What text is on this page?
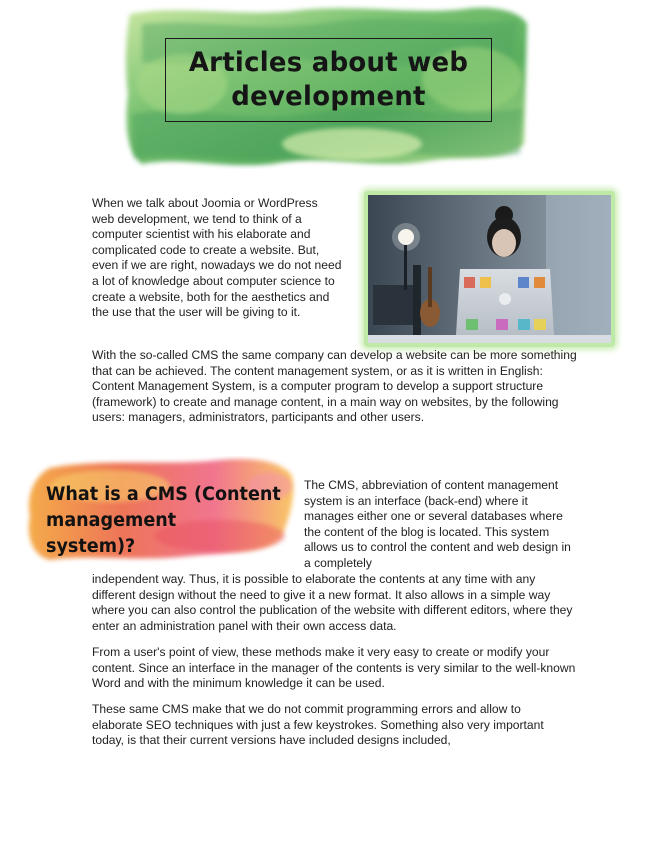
Articles about web
development

When we talk about Joomia or WordPress web development, we tend to think of a computer scientist with his elaborate and complicated code to create a website. But, even if we are right, nowadays we do not need a lot of knowledge about computer science to create a website, both for the aesthetics and the use that the user will be giving to it.

With the so-called CMS the same company can develop a website can be more something that can be achieved. The content management system, or as it is written in English: Content Management System, is a computer program to develop a support structure (framework) to create and manage content, in a main way on websites, by the following users: managers, administrators, participants and other users.

What is a CMS (Content
management
system)?

The CMS, abbreviation of content management system is an interface (back-end) where it manages either one or several databases where the content of the blog is located. This system allows us to control the content and web design in a completely

independent way. Thus, it is possible to elaborate the contents at any time with any different design without the need to give it a new format. It also allows in a simple way where you can also control the publication of the website with different editors, where they enter an administration panel with their own access data.

From a user's point of view, these methods make it very easy to create or modify your content. Since an interface in the manager of the contents is very similar to the well-known Word and with the minimum knowledge it can be used.

These same CMS make that we do not commit programming errors and allow to elaborate SEO techniques with just a few keystrokes. Something also very important today, is that their current versions have included designs included,
